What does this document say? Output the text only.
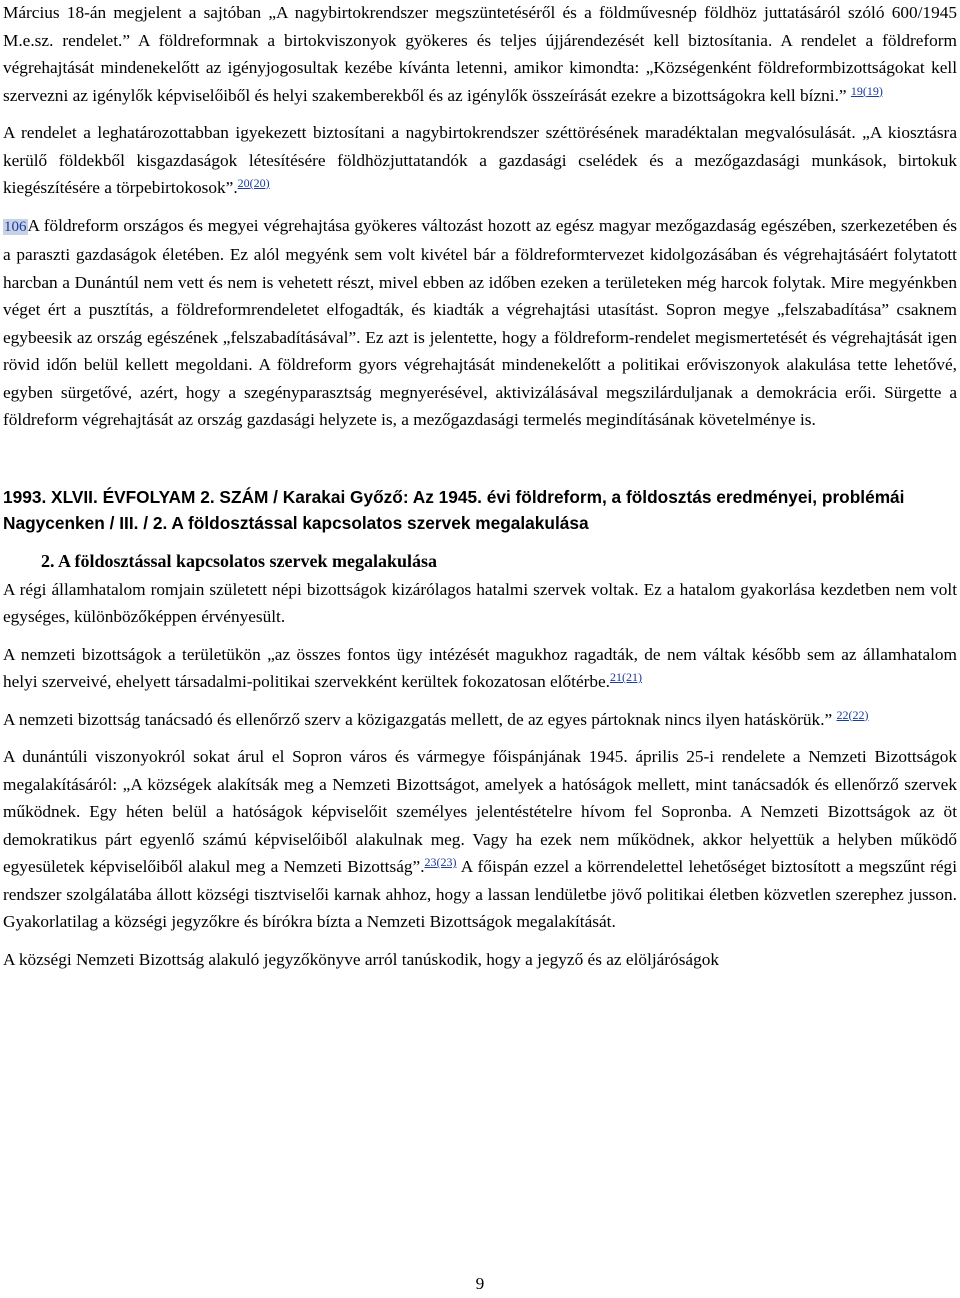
Március 18-án megjelent a sajtóban „A nagybirtokrendszer megszüntetéséről és a földművesnép földhöz juttatásáról szóló 600/1945 M.e.sz. rendelet.” A földreformnak a birtokviszonyok gyökeres és teljes újjárendezését kell biztosítania. A rendelet a földreform végrehajtását mindenekelőtt az igényjogosultak kezébe kívánta letenni, amikor kimondta: „Községenként földreformbizottságokat kell szervezni az igénylők képviselőiből és helyi szakemberekből és az igénylők összeírását ezekre a bizottságokra kell bízni.” $^{19(19)}$

A rendelet a leghatározottabban igyekezett biztosítani a nagybirtokrendszer széttörésének maradéktalan megvalósulását. „A kiosztásra kerülő földekből kisgazdaságok létesítésére földhözjuttatandók a gazdasági cselédek és a mezőgazdasági munkások, birtokuk kiegészítésére a törpebirtokosok”.$^{20(20)}$

106A földreform országos és megyei végrehajtása gyökeres változást hozott az egész magyar mezőgazdaság egészében, szerkezetében és a paraszti gazdaságok életében. Ez alól megyénk sem volt kivétel bár a földreformtervezet kidolgozásában és végrehajtásáért folytatott harcban a Dunántúl nem vett és nem is vehetett részt, mivel ebben az időben ezeken a területeken még harcok folytak. Mire megyénkben véget ért a pusztítás, a földreformrendeletet elfogadták, és kiadták a végrehajtási utasítást. Sopron megye „felszabadítása” csaknem egybeesik az ország egészének „felszabadításával”. Ez azt is jelentette, hogy a földreform-rendelet megismertetését és végrehajtását igen rövid időn belül kellett megoldani. A földreform gyors végrehajtását mindenekelőtt a politikai erőviszonyok alakulása tette lehetővé, egyben sürgetővé, azért, hogy a szegényparasztság megnyerésével, aktivizálásával megszilárduljanak a demokrácia erői. Sürgette a földreform végrehajtását az ország gazdasági helyzete is, a mezőgazdasági termelés megindításának követelménye is.

1993. XLVII. ÉVFOLYAM 2. SZÁM / Karakai Győző: Az 1945. évi földreform, a földosztás eredményei, problémái Nagycenken / III. / 2. A földosztással kapcsolatos szervek megalakulása
2. A földosztással kapcsolatos szervek megalakulása

A régi államhatalom romjain született népi bizottságok kizárólagos hatalmi szervek voltak. Ez a hatalom gyakorlása kezdetben nem volt egységes, különbözőképpen érvényesült.

A nemzeti bizottságok a területükön „az összes fontos ügy intézését magukhoz ragadták, de nem váltak később sem az államhatalom helyi szerveivé, ehelyett társadalmi-politikai szervekként kerültek fokozatosan előtérbe.$^{21(21)}$

A nemzeti bizottság tanácsadó és ellenőrző szerv a közigazgatás mellett, de az egyes pártoknak nincs ilyen hatáskörük.” $^{22(22)}$

A dunántúli viszonyokról sokat árul el Sopron város és vármegye főispánjának 1945. április 25-i rendelete a Nemzeti Bizottságok megalakításáról: „A községek alakítsák meg a Nemzeti Bizottságot, amelyek a hatóságok mellett, mint tanácsadók és ellenőrző szervek működnek. Egy héten belül a hatóságok képviselőit személyes jelentéstételre hívom fel Sopronba. A Nemzeti Bizottságok az öt demokratikus párt egyenlő számú képviselőiből alakulnak meg. Vagy ha ezek nem működnek, akkor helyettük a helyben működő egyesületek képviselőiből alakul meg a Nemzeti Bizottság”.$^{23(23)}$ A főispán ezzel a körrendelettel lehetőséget biztosított a megszűnt régi rendszer szolgálatába állott községi tisztviselői karnak ahhoz, hogy a lassan lendületbe jövő politikai életben közvetlen szerephez jusson. Gyakorlatilag a községi jegyzőkre és bírókra bízta a Nemzeti Bizottságok megalakítását.

A községi Nemzeti Bizottság alakuló jegyzőkönyve arról tanúskodik, hogy a jegyző és az elöljáróságok

9
